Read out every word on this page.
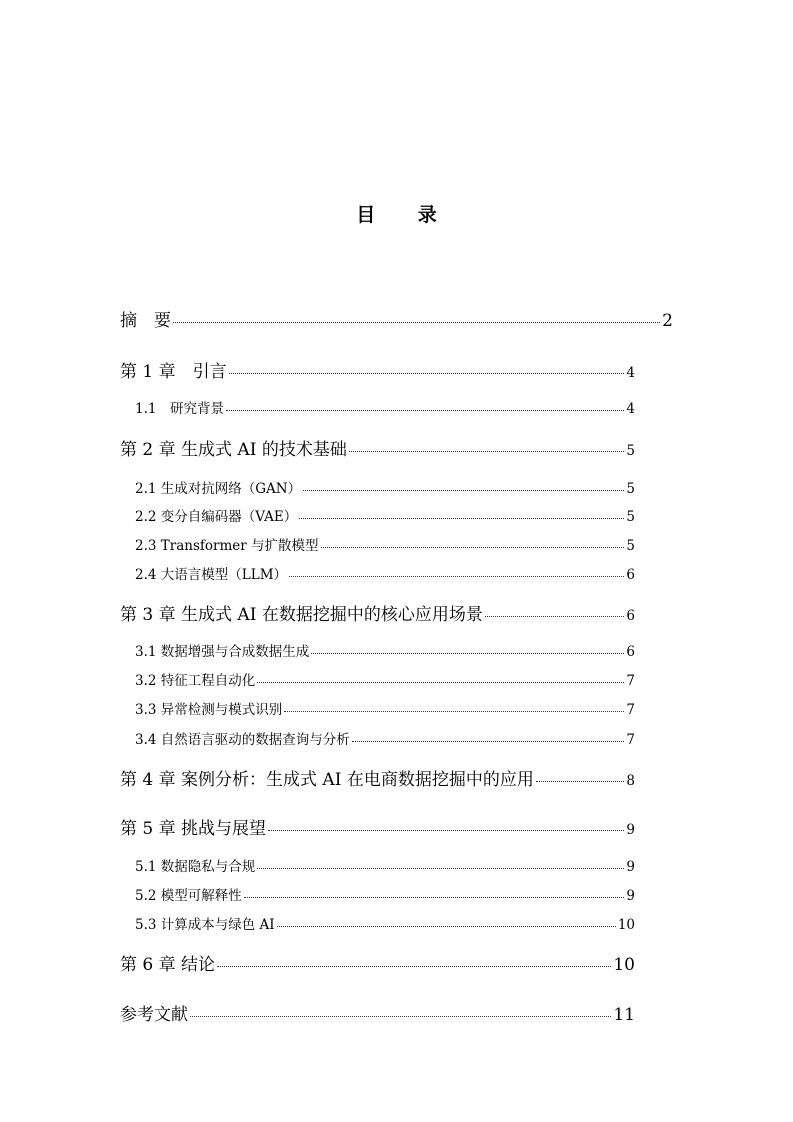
目 录
摘　要	2
第 1 章　引言	4
1.1　研究背景	4
第 2 章 生成式 AI 的技术基础	5
2.1 生成对抗网络（GAN）	5
2.2 变分自编码器（VAE）	5
2.3 Transformer 与扩散模型	5
2.4 大语言模型（LLM）	6
第 3 章 生成式 AI 在数据挖掘中的核心应用场景	6
3.1 数据增强与合成数据生成	6
3.2 特征工程自动化	7
3.3 异常检测与模式识别	7
3.4 自然语言驱动的数据查询与分析	7
第 4 章 案例分析：生成式 AI 在电商数据挖掘中的应用	8
第 5 章 挑战与展望	9
5.1 数据隐私与合规	9
5.2 模型可解释性	9
5.3 计算成本与绿色 AI	10
第 6 章 结论	10
参考文献	11
